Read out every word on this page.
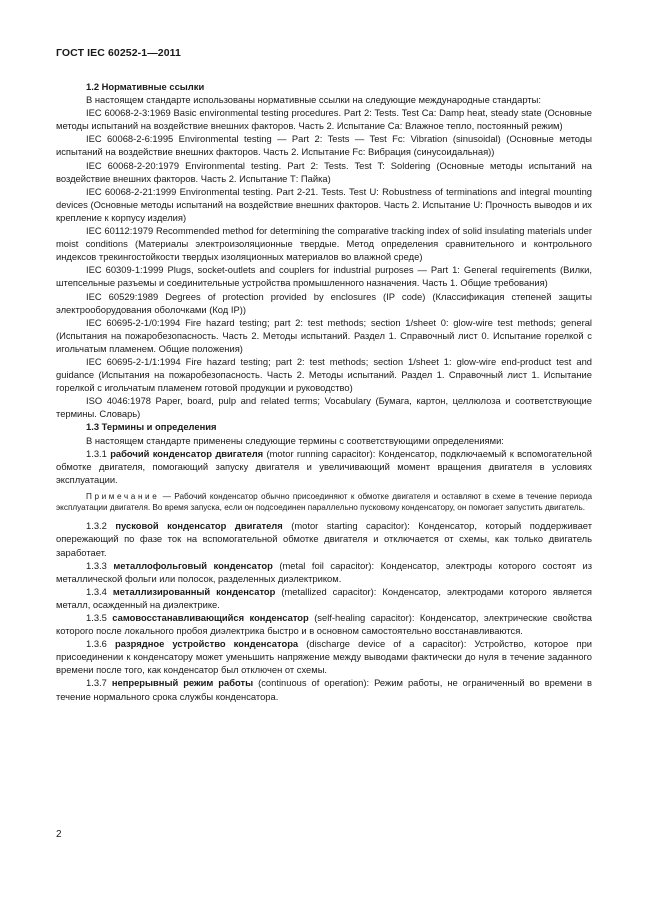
ГОСТ IEC 60252-1—2011

1.2 Нормативные ссылки

В настоящем стандарте использованы нормативные ссылки на следующие международные стандарты:

IEC 60068-2-3:1969 Basic environmental testing procedures. Part 2: Tests. Test Ca: Damp heat, steady state (Основные методы испытаний на воздействие внешних факторов. Часть 2. Испытание Ca: Влажное тепло, постоянный режим)

IEC 60068-2-6:1995 Environmental testing — Part 2: Tests — Test Fc: Vibration (sinusoidal) (Основные методы испытаний на воздействие внешних факторов. Часть 2. Испытание Fc: Вибрация (синусоидальная))

IEC 60068-2-20:1979 Environmental testing. Part 2: Tests. Test T: Soldering (Основные методы испытаний на воздействие внешних факторов. Часть 2. Испытание Т: Пайка)

IEC 60068-2-21:1999 Environmental testing. Part 2-21. Tests. Test U: Robustness of terminations and integral mounting devices (Основные методы испытаний на воздействие внешних факторов. Часть 2. Испытание U: Прочность выводов и их крепление к корпусу изделия)

IEC 60112:1979 Recommended method for determining the comparative tracking index of solid insulating materials under moist conditions (Материалы электроизоляционные твердые. Метод определения сравнительного и контрольного индексов трекингостойкости твердых изоляционных материалов во влажной среде)

IEC 60309-1:1999 Plugs, socket-outlets and couplers for industrial purposes — Part 1: General requirements (Вилки, штепсельные разъемы и соединительные устройства промышленного назначения. Часть 1. Общие требования)

IEC 60529:1989 Degrees of protection provided by enclosures (IP code) (Классификация степеней защиты электрооборудования оболочками (Код IP))

IEC 60695-2-1/0:1994 Fire hazard testing; part 2: test methods; section 1/sheet 0: glow-wire test methods; general (Испытания на пожаробезопасность. Часть 2. Методы испытаний. Раздел 1. Справочный лист 0. Испытание горелкой с игольчатым пламенем. Общие положения)

IEC 60695-2-1/1:1994 Fire hazard testing; part 2: test methods; section 1/sheet 1: glow-wire end-product test and guidance (Испытания на пожаробезопасность. Часть 2. Методы испытаний. Раздел 1. Справочный лист 1. Испытание горелкой с игольчатым пламенем готовой продукции и руководство)

ISO 4046:1978 Paper, board, pulp and related terms; Vocabulary (Бумага, картон, целлюлоза и соответствующие термины. Словарь)

1.3 Термины и определения

В настоящем стандарте применены следующие термины с соответствующими определениями:

1.3.1 рабочий конденсатор двигателя (motor running capacitor): Конденсатор, подключаемый к вспомогательной обмотке двигателя, помогающий запуску двигателя и увеличивающий момент вращения двигателя в условиях эксплуатации.

Примечание — Рабочий конденсатор обычно присоединяют к обмотке двигателя и оставляют в схеме в течение периода эксплуатации двигателя. Во время запуска, если он подсоединен параллельно пусковому конденсатору, он помогает запустить двигатель.

1.3.2 пусковой конденсатор двигателя (motor starting capacitor): Конденсатор, который поддерживает опережающий по фазе ток на вспомогательной обмотке двигателя и отключается от схемы, как только двигатель заработает.

1.3.3 металлофольговый конденсатор (metal foil capacitor): Конденсатор, электроды которого состоят из металлической фольги или полосок, разделенных диэлектриком.

1.3.4 металлизированный конденсатор (metallized capacitor): Конденсатор, электродами которого является металл, осажденный на диэлектрике.

1.3.5 самовосстанавливающийся конденсатор (self-healing capacitor): Конденсатор, электрические свойства которого после локального пробоя диэлектрика быстро и в основном самостоятельно восстанавливаются.

1.3.6 разрядное устройство конденсатора (discharge device of a capacitor): Устройство, которое при присоединении к конденсатору может уменьшить напряжение между выводами фактически до нуля в течение заданного времени после того, как конденсатор был отключен от схемы.

1.3.7 непрерывный режим работы (continuous of operation): Режим работы, не ограниченный во времени в течение нормального срока службы конденсатора.

2
